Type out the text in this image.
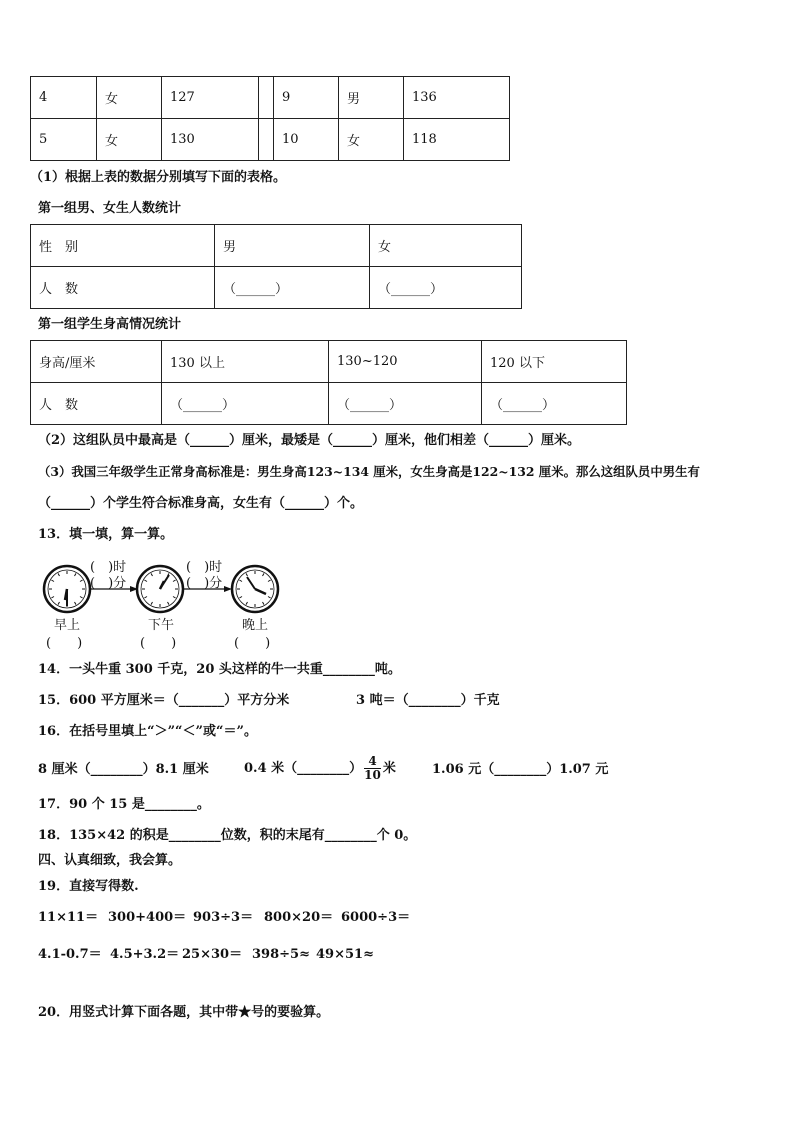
4	女	127		9	男	136
5	女	130		10	女	118
（1）根据上表的数据分别填写下面的表格。
第一组男、女生人数统计
性　别	男	女
人　数	（______）	（______）
第一组学生身高情况统计
身高/厘米	130 以上	130~120	120 以下
人　数	（______）	（______）	（______）
（2）这组队员中最高是（______）厘米，最矮是（______）厘米，他们相差（______）厘米。
（3）我国三年级学生正常身高标准是：男生身高123~134 厘米，女生身高是122~132 厘米。那么这组队员中男生有
（______）个学生符合标准身高，女生有（______）个。
13．填一填，算一算。
(　)时
(　)分
(　)时
(　)分
早上	下午	晚上
(　　)	(　　)	(　　)
14．一头牛重 300 千克，20 头这样的牛一共重________吨。
15．600 平方厘米＝（_______）平方分米	3 吨＝（________）千克
16．在括号里填上“＞”“＜”或“＝”。
8 厘米（________）8.1 厘米	0.4 米（________） $\frac{4}{10}$ 米	1.06 元（________）1.07 元
17．90 个 15 是________。
18．135×42 的积是________位数，积的末尾有________个 0。
四、认真细致，我会算。
19．直接写得数.
11×11＝ 300+400＝ 903÷3＝ 800×20＝ 6000÷3＝
4.1-0.7＝ 4.5+3.2＝ 25×30＝ 398÷5≈ 49×51≈
20．用竖式计算下面各题，其中带★号的要验算。
